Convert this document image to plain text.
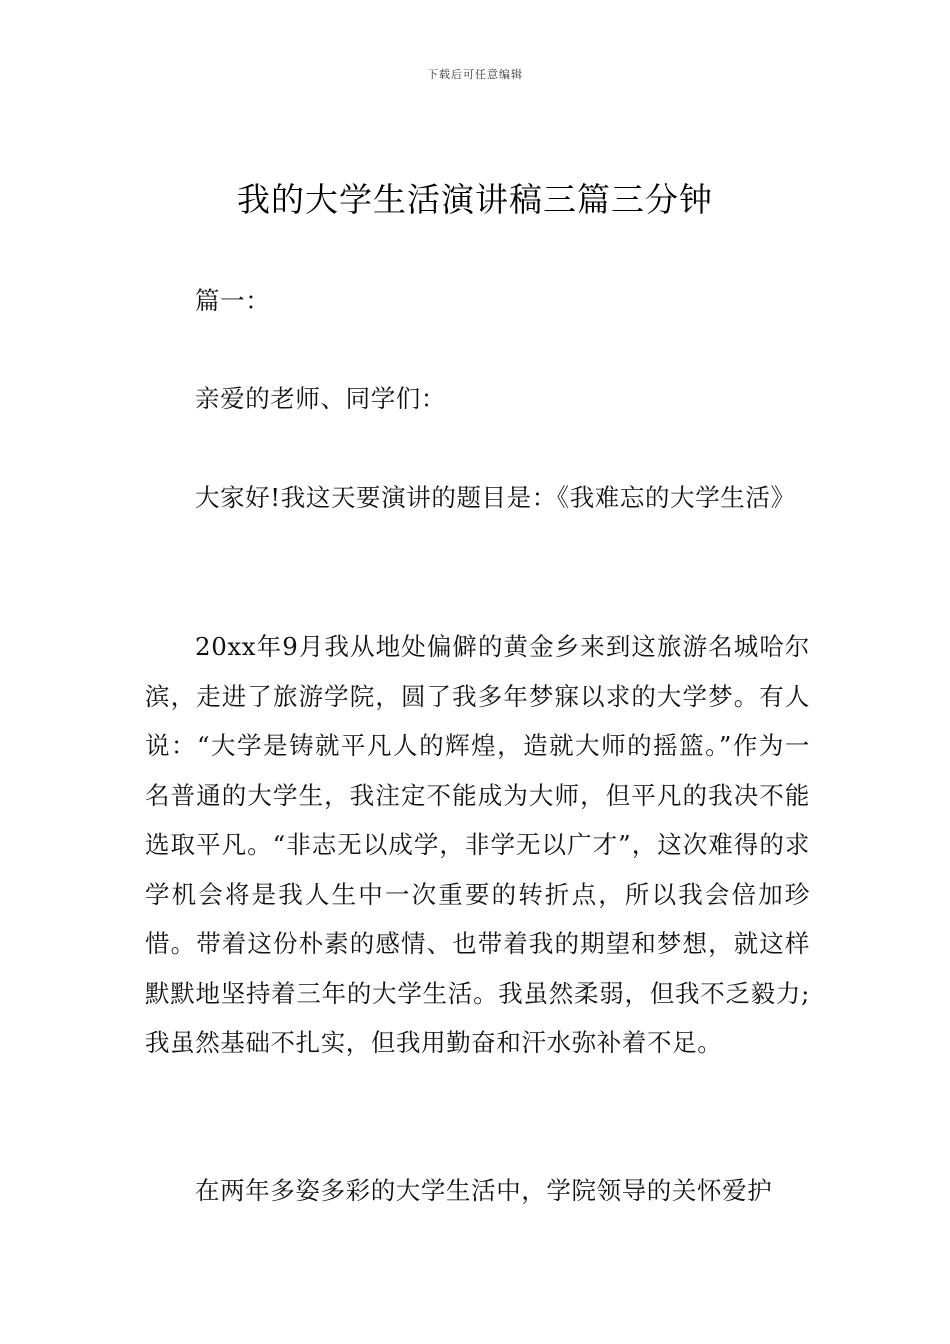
下载后可任意编辑
我的大学生活演讲稿三篇三分钟

篇一：

亲爱的老师、同学们：

大家好!我这天要演讲的题目是：《我难忘的大学生活》

20xx年9月我从地处偏僻的黄金乡来到这旅游名城哈尔滨，走进了旅游学院，圆了我多年梦寐以求的大学梦。有人说：“大学是铸就平凡人的辉煌，造就大师的摇篮。”作为一名普通的大学生，我注定不能成为大师，但平凡的我决不能选取平凡。“非志无以成学，非学无以广才”，这次难得的求学机会将是我人生中一次重要的转折点，所以我会倍加珍惜。带着这份朴素的感情、也带着我的期望和梦想，就这样默默地坚持着三年的大学生活。我虽然柔弱，但我不乏毅力;我虽然基础不扎实，但我用勤奋和汗水弥补着不足。

在两年多姿多彩的大学生活中，学院领导的关怀爱护
